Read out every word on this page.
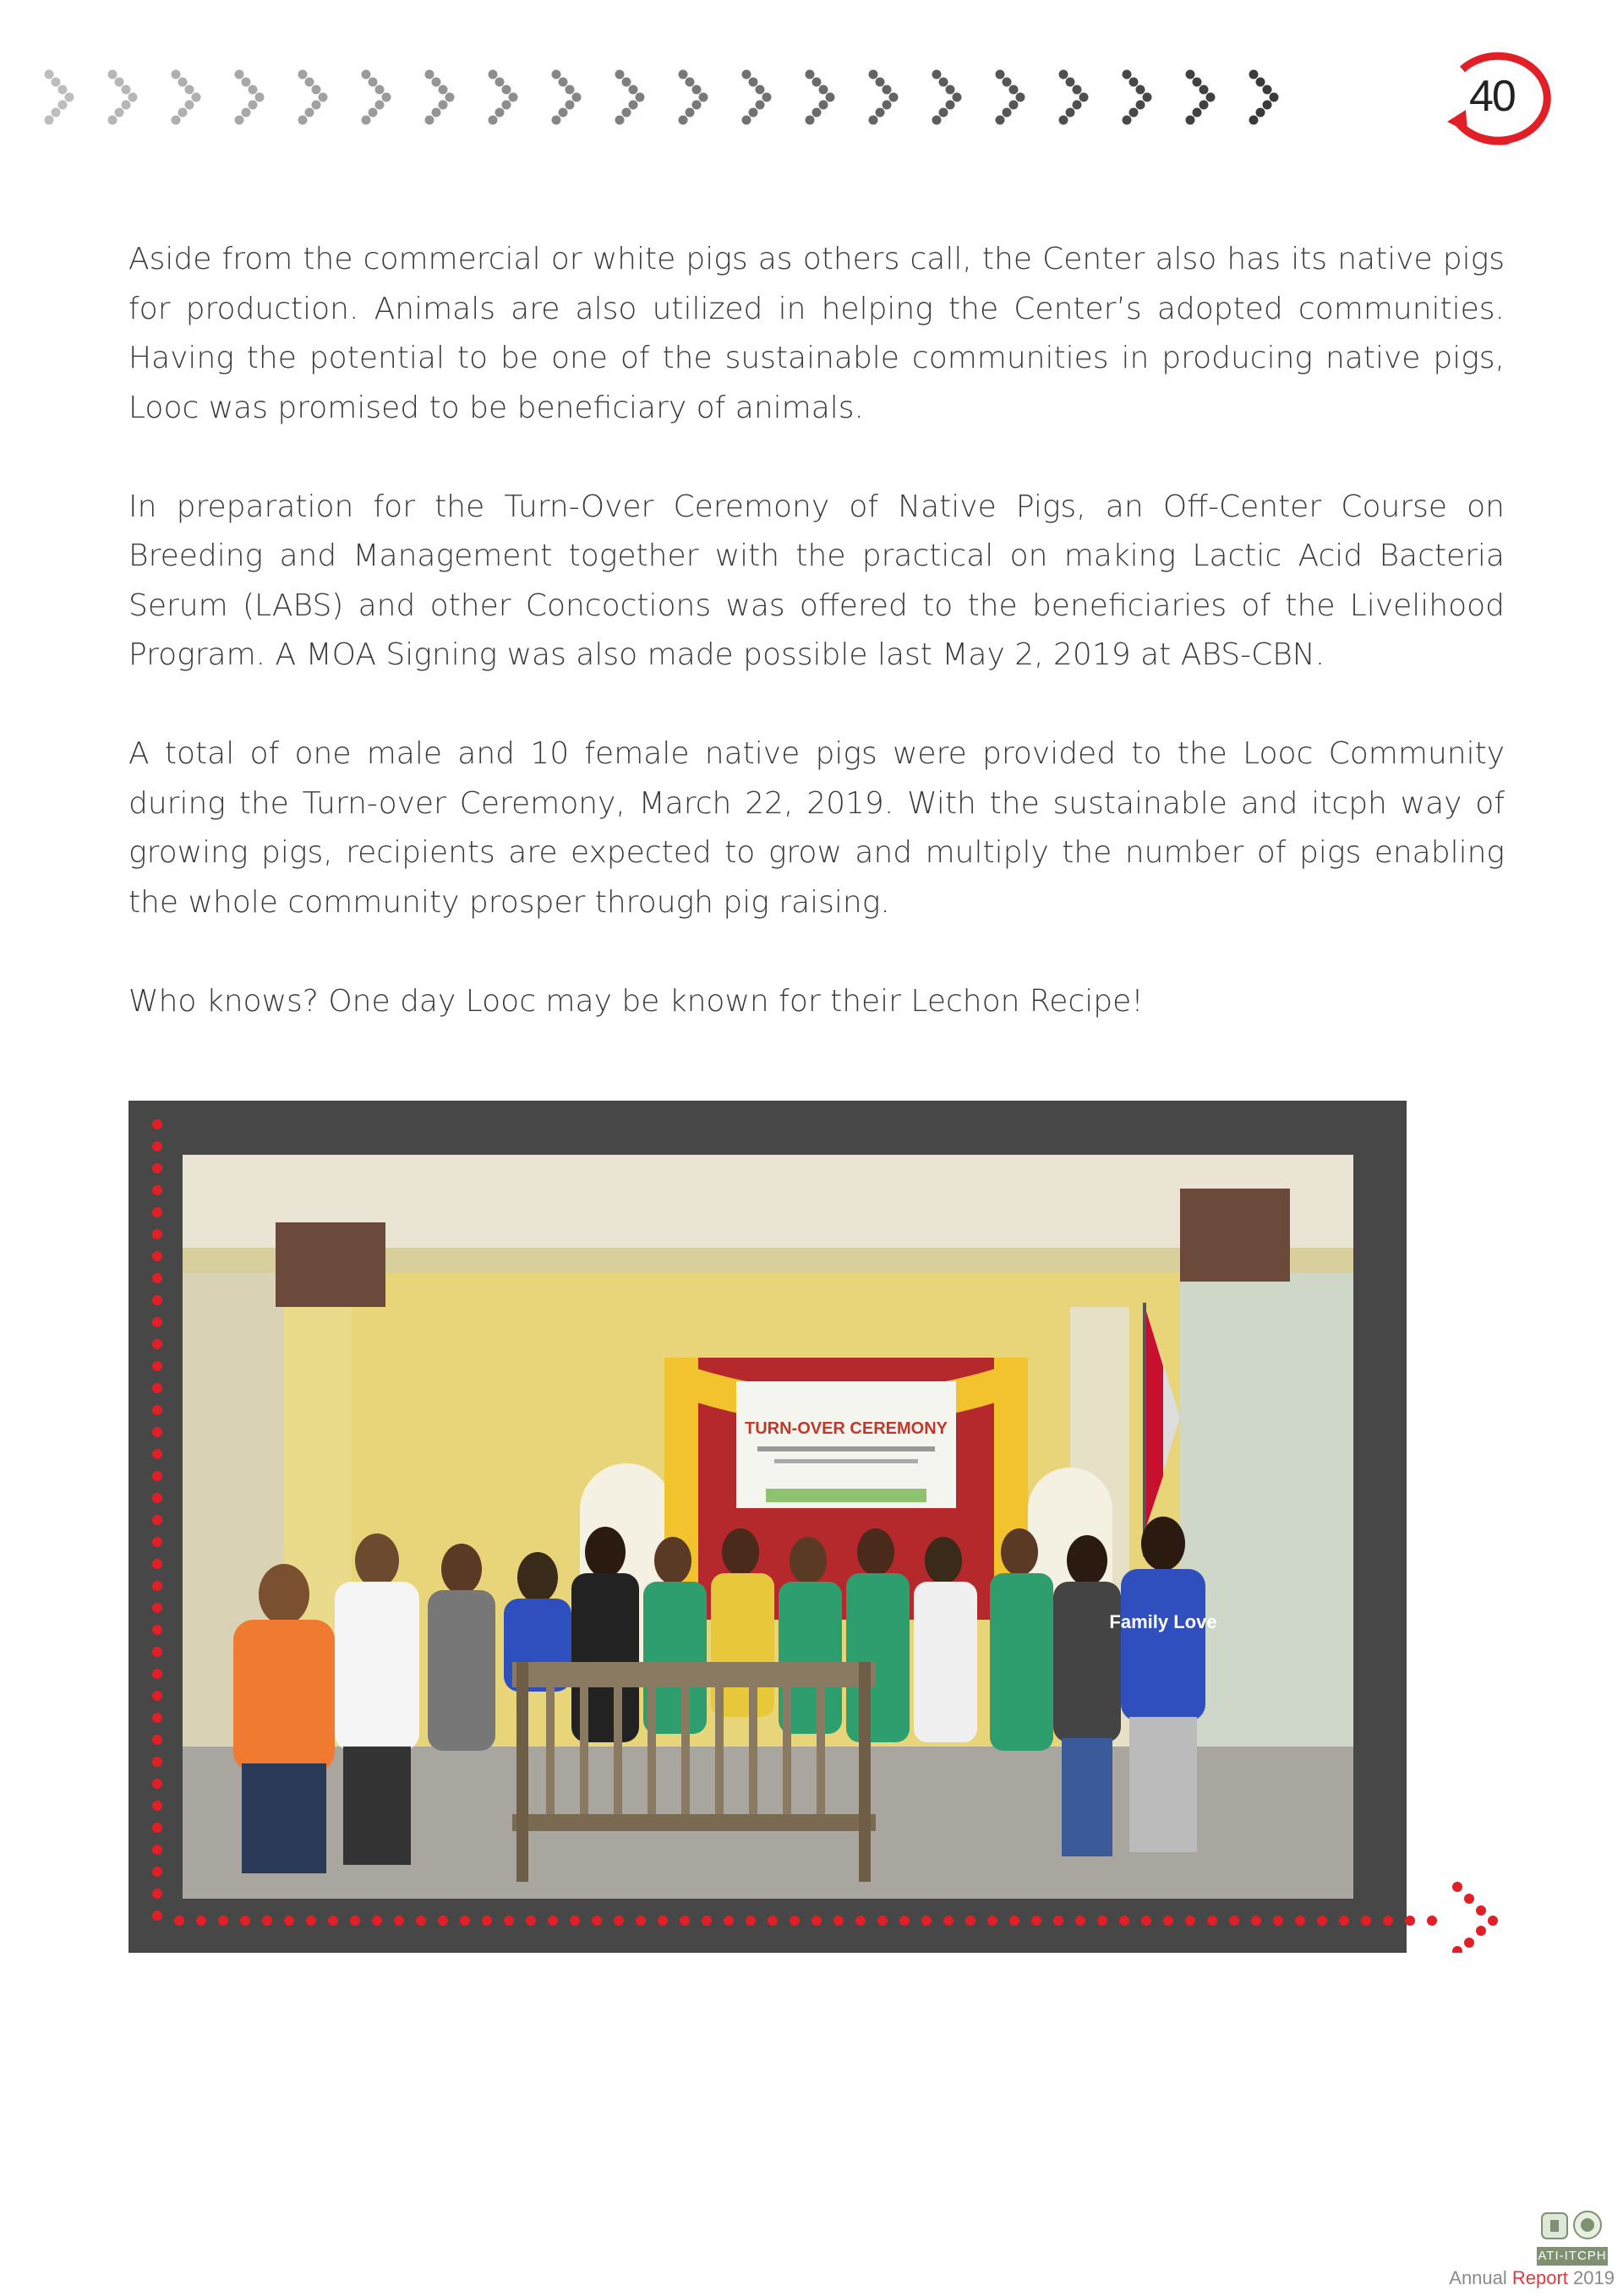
40

Aside from the commercial or white pigs as others call, the Center also has its native pigs for production. Animals are also utilized in helping the Center’s adopted communities. Having the potential to be one of the sustainable communities in producing native pigs, Looc was promised to be beneficiary of animals.

In preparation for the Turn-Over Ceremony of Native Pigs, an Off-Center Course on Breeding and Management together with the practical on making Lactic Acid Bacteria Serum (LABS) and other Concoctions was offered to the beneficiaries of the Livelihood Program. A MOA Signing was also made possible last May 2, 2019 at ABS-CBN.

A total of one male and 10 female native pigs were provided to the Looc Community during the Turn-over Ceremony, March 22, 2019. With the sustainable and itcph way of growing pigs, recipients are expected to grow and multiply the number of pigs enabling the whole community prosper through pig raising.

Who knows? One day Looc may be known for their Lechon Recipe!

TURN-OVER CEREMONY
Family Love
ATI-ITCPH
Annual Report 2019
